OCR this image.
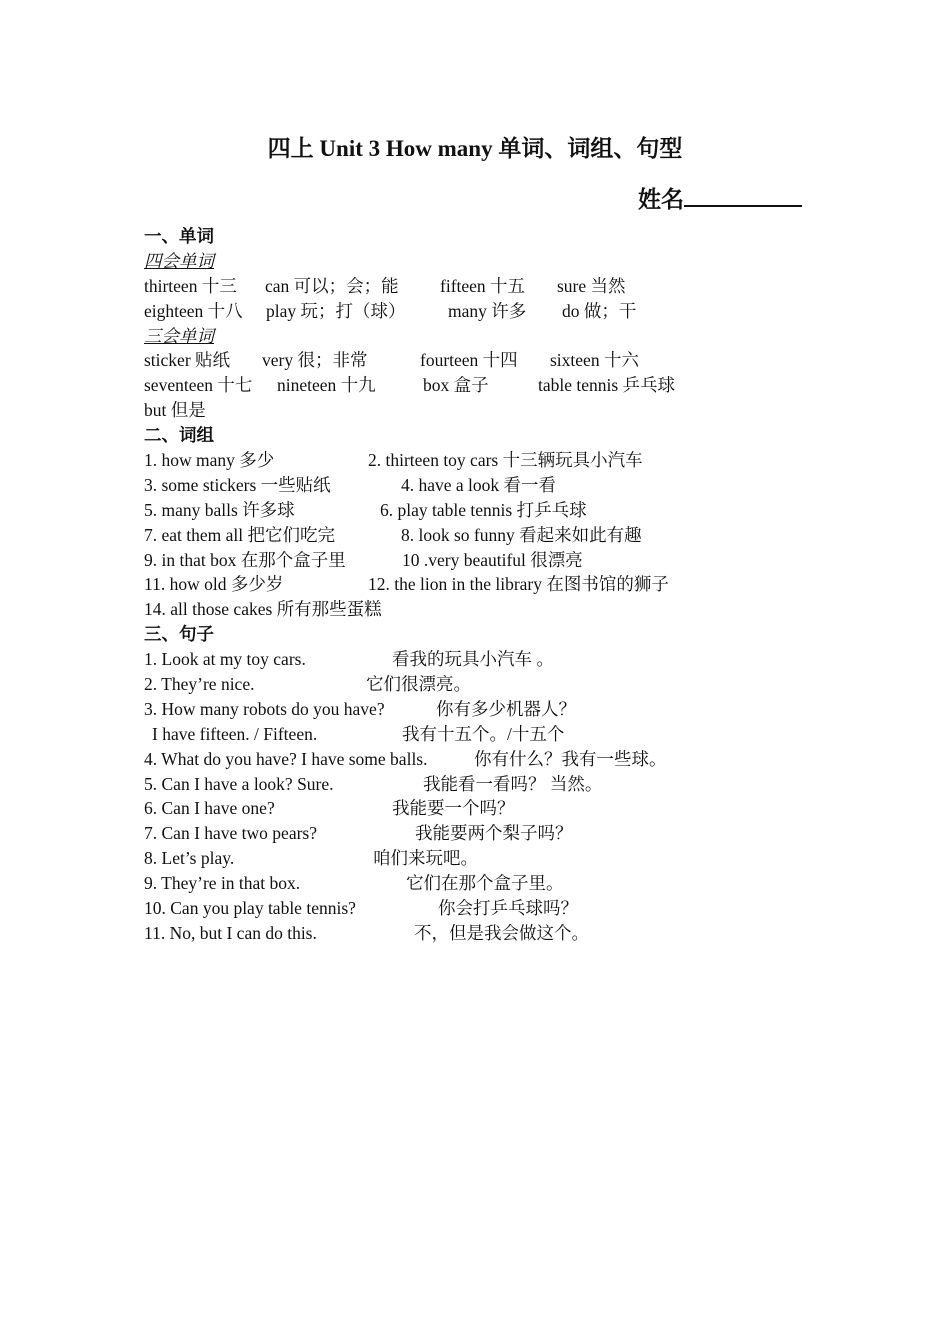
四上 Unit 3 How many 单词、词组、句型
姓名
一、单词
四会单词
thirteen 十三 can 可以；会；能 fifteen 十五 sure 当然
eighteen 十八 play 玩；打（球） many 许多 do 做；干
三会单词
sticker 贴纸 very 很；非常	fourteen 十四 sixteen 十六
seventeen 十七 nineteen 十九	box 盒子	table tennis 乒乓球
but 但是
二、词组
1. how many 多少	2. thirteen toy cars 十三辆玩具小汽车
3. some stickers 一些贴纸	4. have a look 看一看
5. many balls 许多球	6. play table tennis 打乒乓球
7. eat them all 把它们吃完	8. look so funny 看起来如此有趣
9. in that box 在那个盒子里	10 .very beautiful 很漂亮
11. how old 多少岁	12. the lion in the library 在图书馆的狮子
14. all those cakes 所有那些蛋糕
三、句子
1. Look at my toy cars.	看我的玩具小汽车 。
2. They’re nice.	它们很漂亮。
3. How many robots do you have?	你有多少机器人？
I have fifteen. / Fifteen.	我有十五个。/十五个
4. What do you have? I have some balls.	你有什么？我有一些球。
5. Can I have a look? Sure.	我能看一看吗？ 当然。
6. Can I have one?	我能要一个吗？
7. Can I have two pears?	我能要两个梨子吗？
8. Let’s play.	咱们来玩吧。
9. They’re in that box.	它们在那个盒子里。
10. Can you play table tennis?	你会打乒乓球吗？
11. No, but I can do this.	不，但是我会做这个。
